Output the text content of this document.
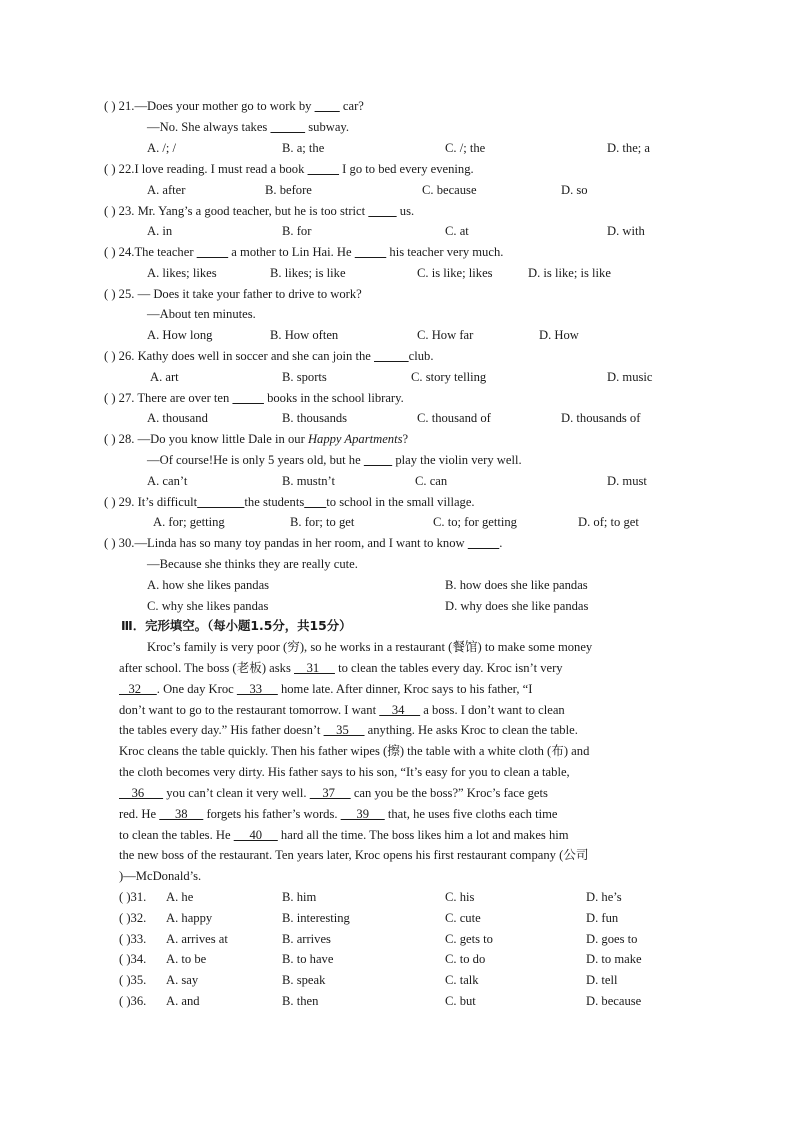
( ) 21.—Does your mother go to work by          car?
—No. She always takes	subway.
A. /; /	B. a; the	C. /; the	D. the; a
( ) 22.I love reading. I must read a book            I go to bed every evening.
A. after	B. before	C. because	D. so
( ) 23. Mr. Yang’s a good teacher, but he is too strict           us.
A. in	B. for	C. at	D. with
( ) 24.The teacher            a mother to Lin Hai. He            his teacher very much.
A. likes; likes	B. likes; is like	C. is like; likes	D. is like; is like
( ) 25. — Does it take your father to drive to work?
—About ten minutes.
A. How long	B. How often	C. How far	D. How
( ) 26. Kathy does well in soccer and she can join the	club.
A. art	B. sports	C. story telling	D. music
( ) 27. There are over ten            books in the school library.
A. thousand	B. thousands	C. thousand of	D. thousands of
( ) 28. —Do you know little Dale in our Happy Apartments?
—Of course!He is only 5 years old, but he           play the violin very well.
A. can’t	B. mustn’t	C. can	D. must
( ) 29. It’s difficult	the students to school in the small village.
A. for; getting	B. for; to get	C. to; for getting	D. of; to get
( ) 30.—Linda has so many toy pandas in her room, and I want to know           .
—Because she thinks they are really cute.
A. how she likes pandas	B. how does she like pandas
C. why she likes pandas	D. why does she like pandas
Ⅲ．完形填空。（每小题1.5分，共15分）
Kroc’s family is very poor (穷), so he works in a restaurant (餐馆) to make some money
after school. The boss (老板) asks     31      to clean the tables every day. Kroc isn’t very
32     . One day Kroc     33      home late. After dinner, Kroc says to his father, “I
don’t want to go to the restaurant tomorrow. I want     34      a boss. I don’t want to clean
the tables every day.” His father doesn’t     35      anything. He asks Kroc to clean the table.
Kroc cleans the table quickly. Then his father wipes (擦) the table with a white cloth (布) and
the cloth becomes very dirty. His father says to his son, “It’s easy for you to clean a table,
36       you can’t clean it very well.     37      can you be the boss?” Kroc’s face gets
red. He      38      forgets his father’s words.      39      that, he uses five cloths each time
to clean the tables. He      40      hard all the time. The boss likes him a lot and makes him
the new boss of the restaurant. Ten years later, Kroc opens his first restaurant company (公司
)—McDonald’s.
( )31. A. he	B. him	C. his	D. he’s
( )32. A. happy	B. interesting	C. cute	D. fun
( )33. A. arrives at	B. arrives	C. gets to	D. goes to
( )34. A. to be	B. to have	C. to do	D. to make
( )35. A. say	B. speak	C. talk	D. tell
( )36. A. and	B. then	C. but	D. because
